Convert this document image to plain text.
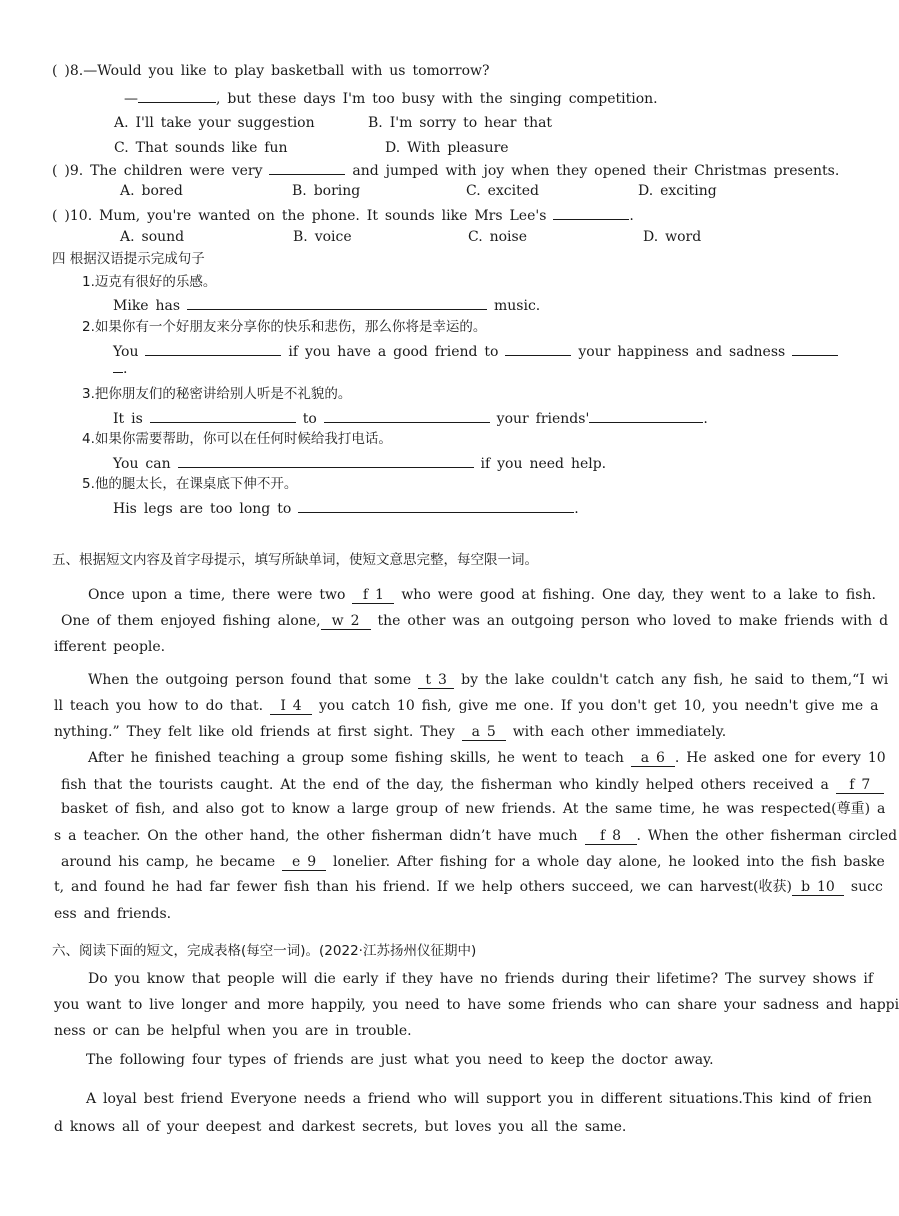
( )8.—Would you like to play basketball with us tomorrow?
—	, but these days I'm too busy with the singing competition.
A. I'll take your suggestion	B. I'm sorry to hear that
C. That sounds like fun	D. With pleasure
( )9. The children were very	and jumped with joy when they opened their Christmas presents.
A. bored	B. boring	C. excited	D. exciting
( )10. Mum, you're wanted on the phone. It sounds like Mrs Lee's	.
A. sound	B. voice	C. noise	D. word
四 根据汉语提示完成句子
1.迈克有很好的乐感。
Mike has	music.
2.如果你有一个好朋友来分享你的快乐和悲伤，那么你将是幸运的。
You	if you have a good friend to	your happiness and sadness
.
3.把你朋友们的秘密讲给别人听是不礼貌的。
It is	to	your friends'	.
4.如果你需要帮助，你可以在任何时候给我打电话。
You can	if you need help.
5.他的腿太长，在课桌底下伸不开。
His legs are too long to	.
五、根据短文内容及首字母提示，填写所缺单词，使短文意思完整，每空限一词。
Once upon a time, there were two f 1 who were good at fishing. One day, they went to a lake to fish.
One of them enjoyed fishing alone, w 2 the other was an outgoing person who loved to make friends with d
ifferent people.
When the outgoing person found that some t 3 by the lake couldn't catch any fish, he said to them,“I wi
ll teach you how to do that. I 4 you catch 10 fish, give me one. If you don't get 10, you needn't give me a
nything.” They felt like old friends at first sight. They a 5 with each other immediately.
After he finished teaching a group some fishing skills, he went to teach a 6 . He asked one for every 10
fish that the tourists caught. At the end of the day, the fisherman who kindly helped others received a f 7
basket of fish, and also got to know a large group of new friends. At the same time, he was respected(尊重) a
s a teacher. On the other hand, the other fisherman didn’t have much f 8 . When the other fisherman circled
around his camp, he became e 9 lonelier. After fishing for a whole day alone, he looked into the fish baske
t, and found he had far fewer fish than his friend. If we help others succeed, we can harvest(收获) b 10 succ
ess and friends.
六、阅读下面的短文，完成表格(每空一词)。(2022·江苏扬州仪征期中)
Do you know that people will die early if they have no friends during their lifetime? The survey shows if
you want to live longer and more happily, you need to have some friends who can share your sadness and happi
ness or can be helpful when you are in trouble.
The following four types of friends are just what you need to keep the doctor away.
A loyal best friend Everyone needs a friend who will support you in different situations.This kind of frien
d knows all of your deepest and darkest secrets, but loves you all the same.
